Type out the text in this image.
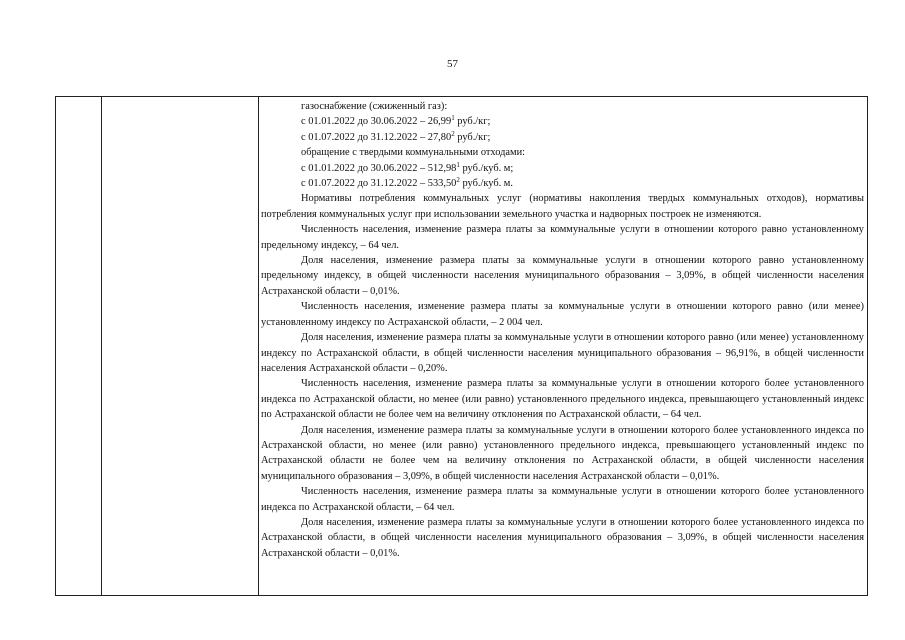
57

газоснабжение (сжиженный газ):

с 01.01.2022 до 30.06.2022 – 26,99$^1$ руб./кг;

с 01.07.2022 до 31.12.2022 – 27,80$^2$ руб./кг;

обращение с твердыми коммунальными отходами:

с 01.01.2022 до 30.06.2022 – 512,98$^1$ руб./куб. м;

с 01.07.2022 до 31.12.2022 – 533,50$^2$ руб./куб. м.

Нормативы потребления коммунальных услуг (нормативы накопления твердых коммунальных отходов), нормативы потребления коммунальных услуг при использовании земельного участка и надворных построек не изменяются.

Численность населения, изменение размера платы за коммунальные услуги в отношении которого равно установленному предельному индексу, – 64 чел.

Доля населения, изменение размера платы за коммунальные услуги в отношении которого равно установленному предельному индексу, в общей численности населения муниципального образования – 3,09%, в общей численности населения Астраханской области – 0,01%.

Численность населения, изменение размера платы за коммунальные услуги в отношении которого равно (или менее) установленному индексу по Астраханской области, – 2 004 чел.

Доля населения, изменение размера платы за коммунальные услуги в отношении которого равно (или менее) установленному индексу по Астраханской области, в общей численности населения муниципального образования – 96,91%, в общей численности населения Астраханской области – 0,20%.

Численность населения, изменение размера платы за коммунальные услуги в отношении которого более установленного индекса по Астраханской области, но менее (или равно) установленного предельного индекса, превышающего установленный индекс по Астраханской области не более чем на величину отклонения по Астраханской области, – 64 чел.

Доля населения, изменение размера платы за коммунальные услуги в отношении которого более установленного индекса по Астраханской области, но менее (или равно) установленного предельного индекса, превышающего установленный индекс по Астраханской области не более чем на величину отклонения по Астраханской области, в общей численности населения муниципального образования – 3,09%, в общей численности населения Астраханской области – 0,01%.

Численность населения, изменение размера платы за коммунальные услуги в отношении которого более установленного индекса по Астраханской области, – 64 чел.

Доля населения, изменение размера платы за коммунальные услуги в отношении которого более установленного индекса по Астраханской области, в общей численности населения муниципального образования – 3,09%, в общей численности населения Астраханской области – 0,01%.
